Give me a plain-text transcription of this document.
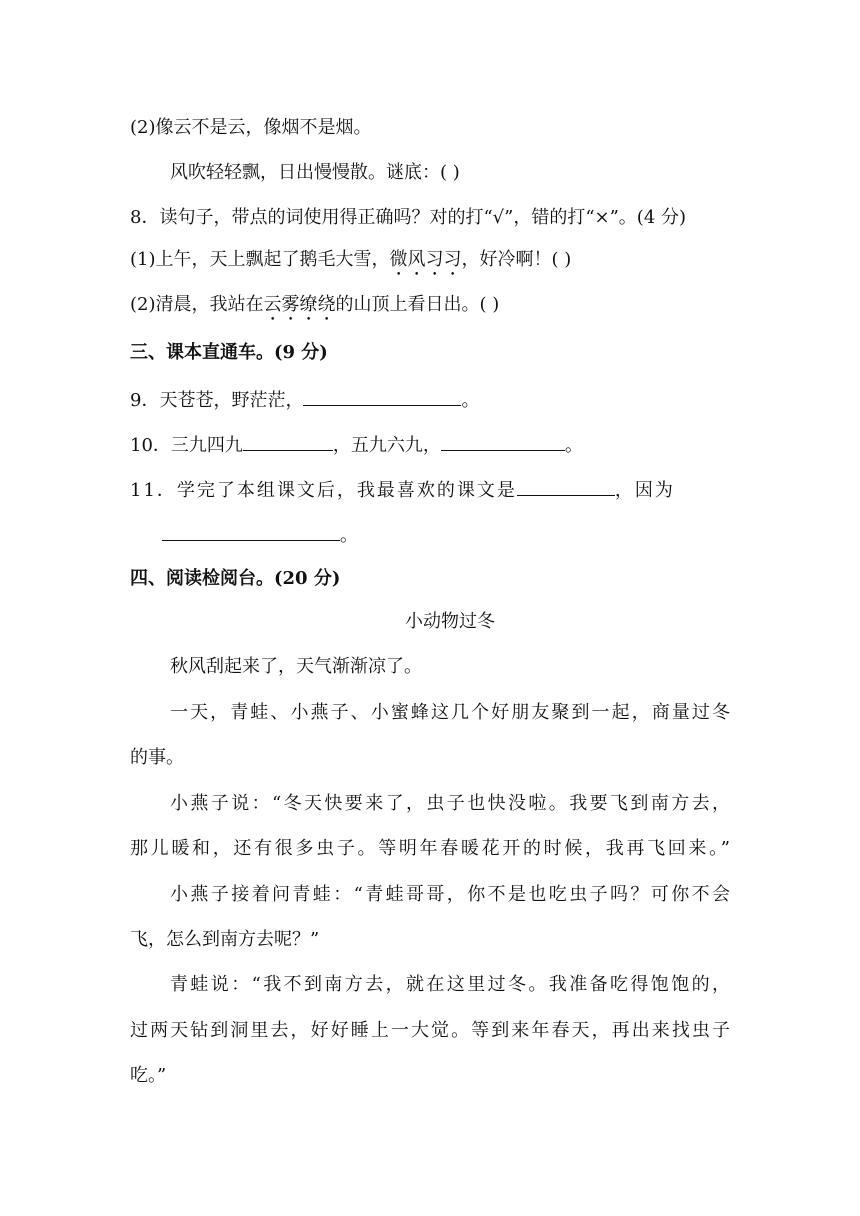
(2)像云不是云，像烟不是烟。
风吹轻轻飘，日出慢慢散。谜底：( )
8．读句子，带点的词使用得正确吗？对的打“√”，错的打“×”。(4 分)
(1)上午，天上飘起了鹅毛大雪，微风习习，好冷啊！( )
(2)清晨，我站在云雾缭绕的山顶上看日出。( )
三、课本直通车。(9 分)
9．天苍苍，野茫茫，	。
10．三九四九	，五九六九，	。
11．学完了本组课文后，我最喜欢的课文是	，因为
。
四、阅读检阅台。(20 分)
小动物过冬
秋风刮起来了，天气渐渐凉了。
一天，青蛙、小燕子、小蜜蜂这几个好朋友聚到一起，商量过冬
的事。
小燕子说：“冬天快要来了，虫子也快没啦。我要飞到南方去，
那儿暖和，还有很多虫子。等明年春暖花开的时候，我再飞回来。”
小燕子接着问青蛙：“青蛙哥哥，你不是也吃虫子吗？可你不会
飞，怎么到南方去呢？”
青蛙说：“我不到南方去，就在这里过冬。我准备吃得饱饱的，
过两天钻到洞里去，好好睡上一大觉。等到来年春天，再出来找虫子
吃。”
